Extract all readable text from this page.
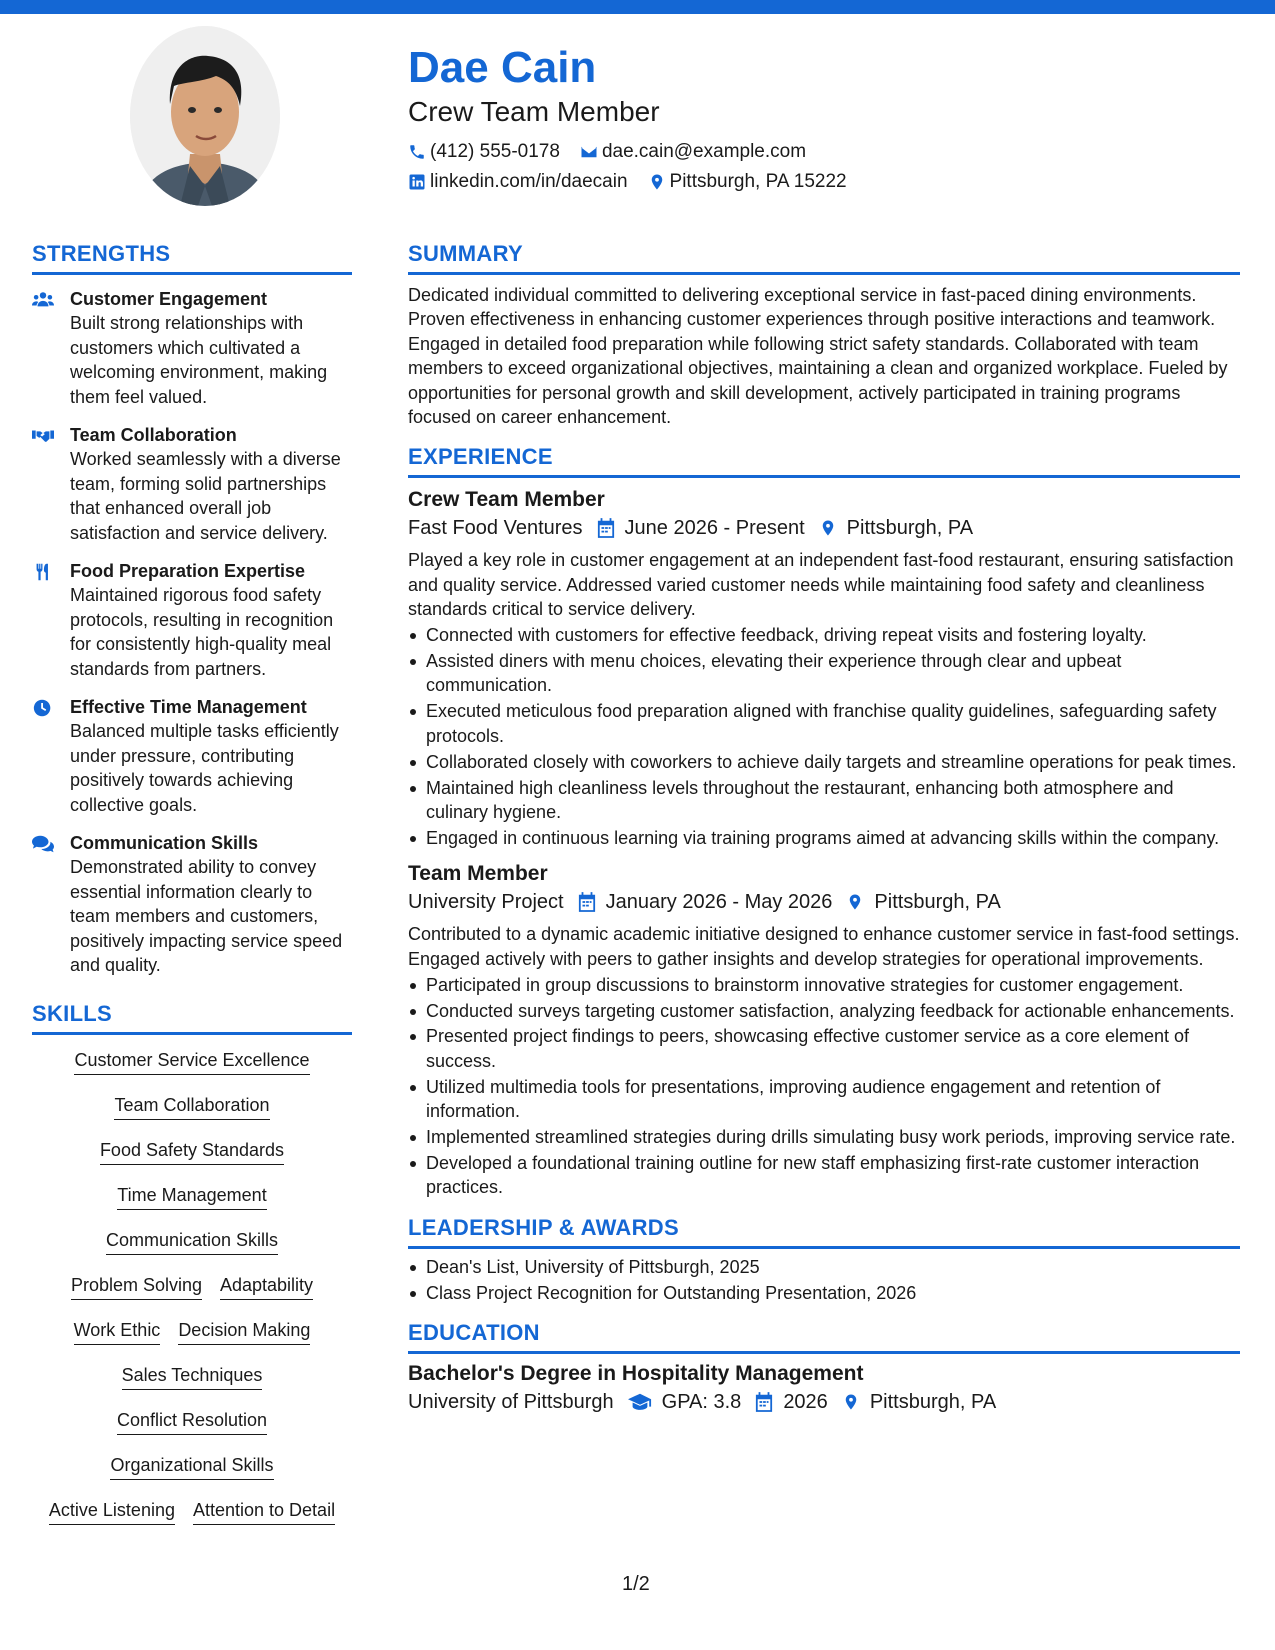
Dae Cain
Crew Team Member
(412) 555-0178 dae.cain@example.com
linkedin.com/in/daecain Pittsburgh, PA 15222
STRENGTHS
Customer Engagement
Built strong relationships with customers which cultivated a welcoming environment, making them feel valued.
Team Collaboration
Worked seamlessly with a diverse team, forming solid partnerships that enhanced overall job satisfaction and service delivery.
Food Preparation Expertise
Maintained rigorous food safety protocols, resulting in recognition for consistently high-quality meal standards from partners.
Effective Time Management
Balanced multiple tasks efficiently under pressure, contributing positively towards achieving collective goals.
Communication Skills
Demonstrated ability to convey essential information clearly to team members and customers, positively impacting service speed and quality.
SKILLS
Customer Service Excellence
Team Collaboration
Food Safety Standards
Time Management
Communication Skills
Problem Solving Adaptability
Work Ethic Decision Making
Sales Techniques
Conflict Resolution
Organizational Skills
Active Listening Attention to Detail
SUMMARY
Dedicated individual committed to delivering exceptional service in fast-paced dining environments. Proven effectiveness in enhancing customer experiences through positive interactions and teamwork. Engaged in detailed food preparation while following strict safety standards. Collaborated with team members to exceed organizational objectives, maintaining a clean and organized workplace. Fueled by opportunities for personal growth and skill development, actively participated in training programs focused on career enhancement.
EXPERIENCE
Crew Team Member
Fast Food Ventures June 2026 - Present Pittsburgh, PA
Played a key role in customer engagement at an independent fast-food restaurant, ensuring satisfaction and quality service. Addressed varied customer needs while maintaining food safety and cleanliness standards critical to service delivery.
Connected with customers for effective feedback, driving repeat visits and fostering loyalty.
Assisted diners with menu choices, elevating their experience through clear and upbeat communication.
Executed meticulous food preparation aligned with franchise quality guidelines, safeguarding safety protocols.
Collaborated closely with coworkers to achieve daily targets and streamline operations for peak times.
Maintained high cleanliness levels throughout the restaurant, enhancing both atmosphere and culinary hygiene.
Engaged in continuous learning via training programs aimed at advancing skills within the company.
Team Member
University Project January 2026 - May 2026 Pittsburgh, PA
Contributed to a dynamic academic initiative designed to enhance customer service in fast-food settings. Engaged actively with peers to gather insights and develop strategies for operational improvements.
Participated in group discussions to brainstorm innovative strategies for customer engagement.
Conducted surveys targeting customer satisfaction, analyzing feedback for actionable enhancements.
Presented project findings to peers, showcasing effective customer service as a core element of success.
Utilized multimedia tools for presentations, improving audience engagement and retention of information.
Implemented streamlined strategies during drills simulating busy work periods, improving service rate.
Developed a foundational training outline for new staff emphasizing first-rate customer interaction practices.
LEADERSHIP & AWARDS
Dean's List, University of Pittsburgh, 2025
Class Project Recognition for Outstanding Presentation, 2026
EDUCATION
Bachelor's Degree in Hospitality Management
University of Pittsburgh GPA: 3.8 2026 Pittsburgh, PA
1/2
